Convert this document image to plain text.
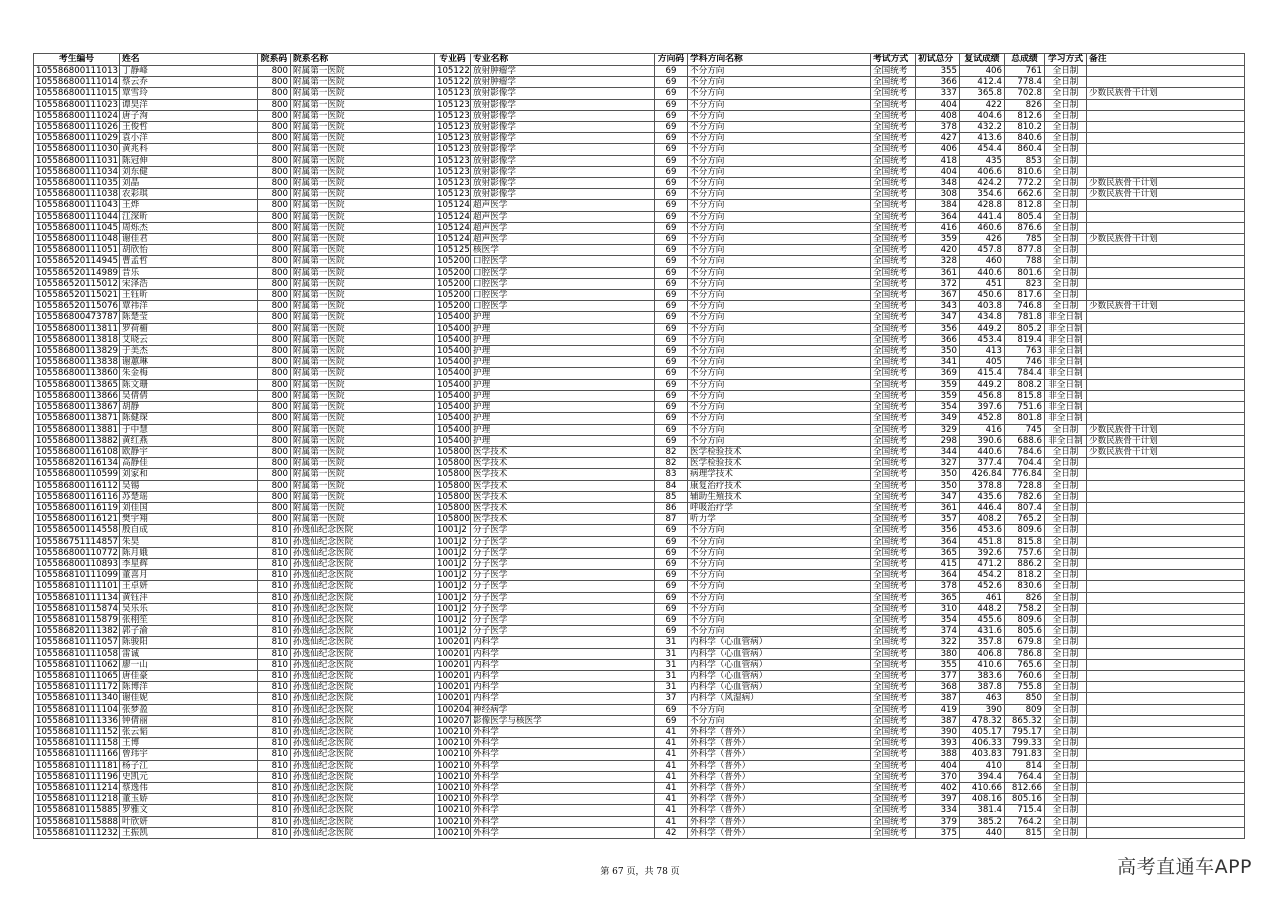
考生编号	姓名	院系码	院系名称	专业码	专业名称	方向码	学科方向名称	考试方式	初试总分	复试成绩	总成绩	学习方式	备注
105586800111013	丁静峰	800	附属第一医院	105122	放射肿瘤学	69	不分方向	全国统考	355	406	761	全日制	
105586800111014	蔡云乔	800	附属第一医院	105122	放射肿瘤学	69	不分方向	全国统考	366	412.4	778.4	全日制	
105586800111015	覃雪玲	800	附属第一医院	105123	放射影像学	69	不分方向	全国统考	337	365.8	702.8	全日制	少数民族骨干计划
105586800111023	谭昊洋	800	附属第一医院	105123	放射影像学	69	不分方向	全国统考	404	422	826	全日制	
105586800111024	唐子洵	800	附属第一医院	105123	放射影像学	69	不分方向	全国统考	408	404.6	812.6	全日制	
105586800111026	王俊哲	800	附属第一医院	105123	放射影像学	69	不分方向	全国统考	378	432.2	810.2	全日制	
105586800111029	袁小洋	800	附属第一医院	105123	放射影像学	69	不分方向	全国统考	427	413.6	840.6	全日制	
105586800111030	黄兆科	800	附属第一医院	105123	放射影像学	69	不分方向	全国统考	406	454.4	860.4	全日制	
105586800111031	陈冠伸	800	附属第一医院	105123	放射影像学	69	不分方向	全国统考	418	435	853	全日制	
105586800111034	刘东健	800	附属第一医院	105123	放射影像学	69	不分方向	全国统考	404	406.6	810.6	全日制	
105586800111035	刘晶	800	附属第一医院	105123	放射影像学	69	不分方向	全国统考	348	424.2	772.2	全日制	少数民族骨干计划
105586800111038	农彩琪	800	附属第一医院	105123	放射影像学	69	不分方向	全国统考	308	354.6	662.6	全日制	少数民族骨干计划
105586800111043	王烨	800	附属第一医院	105124	超声医学	69	不分方向	全国统考	384	428.8	812.8	全日制	
105586800111044	江深昕	800	附属第一医院	105124	超声医学	69	不分方向	全国统考	364	441.4	805.4	全日制	
105586800111045	周烁杰	800	附属第一医院	105124	超声医学	69	不分方向	全国统考	416	460.6	876.6	全日制	
105586800111048	谢佳君	800	附属第一医院	105124	超声医学	69	不分方向	全国统考	359	426	785	全日制	少数民族骨干计划
105586800111051	胡欣怡	800	附属第一医院	105125	核医学	69	不分方向	全国统考	420	457.8	877.8	全日制	
105586520114945	曹孟哲	800	附属第一医院	105200	口腔医学	69	不分方向	全国统考	328	460	788	全日制	
105586520114989	昔乐	800	附属第一医院	105200	口腔医学	69	不分方向	全国统考	361	440.6	801.6	全日制	
105586520115012	宋泽浩	800	附属第一医院	105200	口腔医学	69	不分方向	全国统考	372	451	823	全日制	
105586520115021	王钰昕	800	附属第一医院	105200	口腔医学	69	不分方向	全国统考	367	450.6	817.6	全日制	
105586520115076	覃祎洋	800	附属第一医院	105200	口腔医学	69	不分方向	全国统考	343	403.8	746.8	全日制	少数民族骨干计划
105586800473787	陈楚莹	800	附属第一医院	105400	护理	69	不分方向	全国统考	347	434.8	781.8	非全日制	
105586800113811	罗荷楣	800	附属第一医院	105400	护理	69	不分方向	全国统考	356	449.2	805.2	非全日制	
105586800113818	艾晓云	800	附属第一医院	105400	护理	69	不分方向	全国统考	366	453.4	819.4	非全日制	
105586800113829	于美杰	800	附属第一医院	105400	护理	69	不分方向	全国统考	350	413	763	非全日制	
105586800113838	谢蕙琳	800	附属第一医院	105400	护理	69	不分方向	全国统考	341	405	746	非全日制	
105586800113860	朱金梅	800	附属第一医院	105400	护理	69	不分方向	全国统考	369	415.4	784.4	非全日制	
105586800113865	陈文珊	800	附属第一医院	105400	护理	69	不分方向	全国统考	359	449.2	808.2	非全日制	
105586800113866	吴倩倩	800	附属第一医院	105400	护理	69	不分方向	全国统考	359	456.8	815.8	非全日制	
105586800113867	胡静	800	附属第一医院	105400	护理	69	不分方向	全国统考	354	397.6	751.6	非全日制	
105586800113871	陈健琛	800	附属第一医院	105400	护理	69	不分方向	全国统考	349	452.8	801.8	非全日制	
105586800113881	于中慧	800	附属第一医院	105400	护理	69	不分方向	全国统考	329	416	745	全日制	少数民族骨干计划
105586800113882	黄红燕	800	附属第一医院	105400	护理	69	不分方向	全国统考	298	390.6	688.6	非全日制	少数民族骨干计划
105586800116108	欧静宇	800	附属第一医院	105800	医学技术	82	医学检验技术	全国统考	344	440.6	784.6	全日制	少数民族骨干计划
105586820116134	高静佳	800	附属第一医院	105800	医学技术	82	医学检验技术	全国统考	327	377.4	704.4	全日制	
105586800110599	刘家和	800	附属第一医院	105800	医学技术	83	病理学技术	全国统考	350	426.84	776.84	全日制	
105586800116112	吴锡	800	附属第一医院	105800	医学技术	84	康复治疗技术	全国统考	350	378.8	728.8	全日制	
105586800116116	苏楚瑶	800	附属第一医院	105800	医学技术	85	辅助生殖技术	全国统考	347	435.6	782.6	全日制	
105586800116119	刘佳国	800	附属第一医院	105800	医学技术	86	呼吸治疗学	全国统考	361	446.4	807.4	全日制	
105586800116121	樊宇翔	800	附属第一医院	105800	医学技术	87	听力学	全国统考	357	408.2	765.2	全日制	
105586500114558	殷自成	810	孙逸仙纪念医院	1001J2	分子医学	69	不分方向	全国统考	356	453.6	809.6	全日制	
105586751114857	朱昊	810	孙逸仙纪念医院	1001J2	分子医学	69	不分方向	全国统考	364	451.8	815.8	全日制	
105586800110772	陈月娥	810	孙逸仙纪念医院	1001J2	分子医学	69	不分方向	全国统考	365	392.6	757.6	全日制	
105586800110893	李星辉	810	孙逸仙纪念医院	1001J2	分子医学	69	不分方向	全国统考	415	471.2	886.2	全日制	
105586810111099	董喜月	810	孙逸仙纪念医院	1001J2	分子医学	69	不分方向	全国统考	364	454.2	818.2	全日制	
105586810111101	王卓妍	810	孙逸仙纪念医院	1001J2	分子医学	69	不分方向	全国统考	378	452.6	830.6	全日制	
105586810111134	黄钰沣	810	孙逸仙纪念医院	1001J2	分子医学	69	不分方向	全国统考	365	461	826	全日制	
105586810115874	吴乐乐	810	孙逸仙纪念医院	1001J2	分子医学	69	不分方向	全国统考	310	448.2	758.2	全日制	
105586810115879	张栩笙	810	孙逸仙纪念医院	1001J2	分子医学	69	不分方向	全国统考	354	455.6	809.6	全日制	
105586820111382	郭子渝	810	孙逸仙纪念医院	1001J2	分子医学	69	不分方向	全国统考	374	431.6	805.6	全日制	
105586810111057	陈骏阳	810	孙逸仙纪念医院	100201	内科学	31	内科学（心血管病）	全国统考	322	357.8	679.8	全日制	
105586810111058	雷诚	810	孙逸仙纪念医院	100201	内科学	31	内科学（心血管病）	全国统考	380	406.8	786.8	全日制	
105586810111062	廖一山	810	孙逸仙纪念医院	100201	内科学	31	内科学（心血管病）	全国统考	355	410.6	765.6	全日制	
105586810111065	唐佳豪	810	孙逸仙纪念医院	100201	内科学	31	内科学（心血管病）	全国统考	377	383.6	760.6	全日制	
105586810111172	陈博洋	810	孙逸仙纪念医院	100201	内科学	31	内科学（心血管病）	全国统考	368	387.8	755.8	全日制	
105586810111340	谢佳妮	810	孙逸仙纪念医院	100201	内科学	37	内科学（风湿病）	全国统考	387	463	850	全日制	
105586810111104	张梦盈	810	孙逸仙纪念医院	100204	神经病学	69	不分方向	全国统考	419	390	809	全日制	
105586810111336	钟倩丽	810	孙逸仙纪念医院	100207	影像医学与核医学	69	不分方向	全国统考	387	478.32	865.32	全日制	
105586810111152	张云韬	810	孙逸仙纪念医院	100210	外科学	41	外科学（普外）	全国统考	390	405.17	795.17	全日制	
105586810111158	王博	810	孙逸仙纪念医院	100210	外科学	41	外科学（普外）	全国统考	393	406.33	799.33	全日制	
105586810111166	曾玮宇	810	孙逸仙纪念医院	100210	外科学	41	外科学（普外）	全国统考	388	403.83	791.83	全日制	
105586810111181	杨子江	810	孙逸仙纪念医院	100210	外科学	41	外科学（普外）	全国统考	404	410	814	全日制	
105586810111196	史凯元	810	孙逸仙纪念医院	100210	外科学	41	外科学（普外）	全国统考	370	394.4	764.4	全日制	
105586810111214	蔡逸伟	810	孙逸仙纪念医院	100210	外科学	41	外科学（普外）	全国统考	402	410.66	812.66	全日制	
105586810111218	董玉娇	810	孙逸仙纪念医院	100210	外科学	41	外科学（普外）	全国统考	397	408.16	805.16	全日制	
105586810115885	罗雅文	810	孙逸仙纪念医院	100210	外科学	41	外科学（普外）	全国统考	334	381.4	715.4	全日制	
105586810115888	叶欣妍	810	孙逸仙纪念医院	100210	外科学	41	外科学（普外）	全国统考	379	385.2	764.2	全日制	
105586810111232	王振凯	810	孙逸仙纪念医院	100210	外科学	42	外科学（骨外）	全国统考	375	440	815	全日制	
第 67 页，共 78 页	高考直通车APP
